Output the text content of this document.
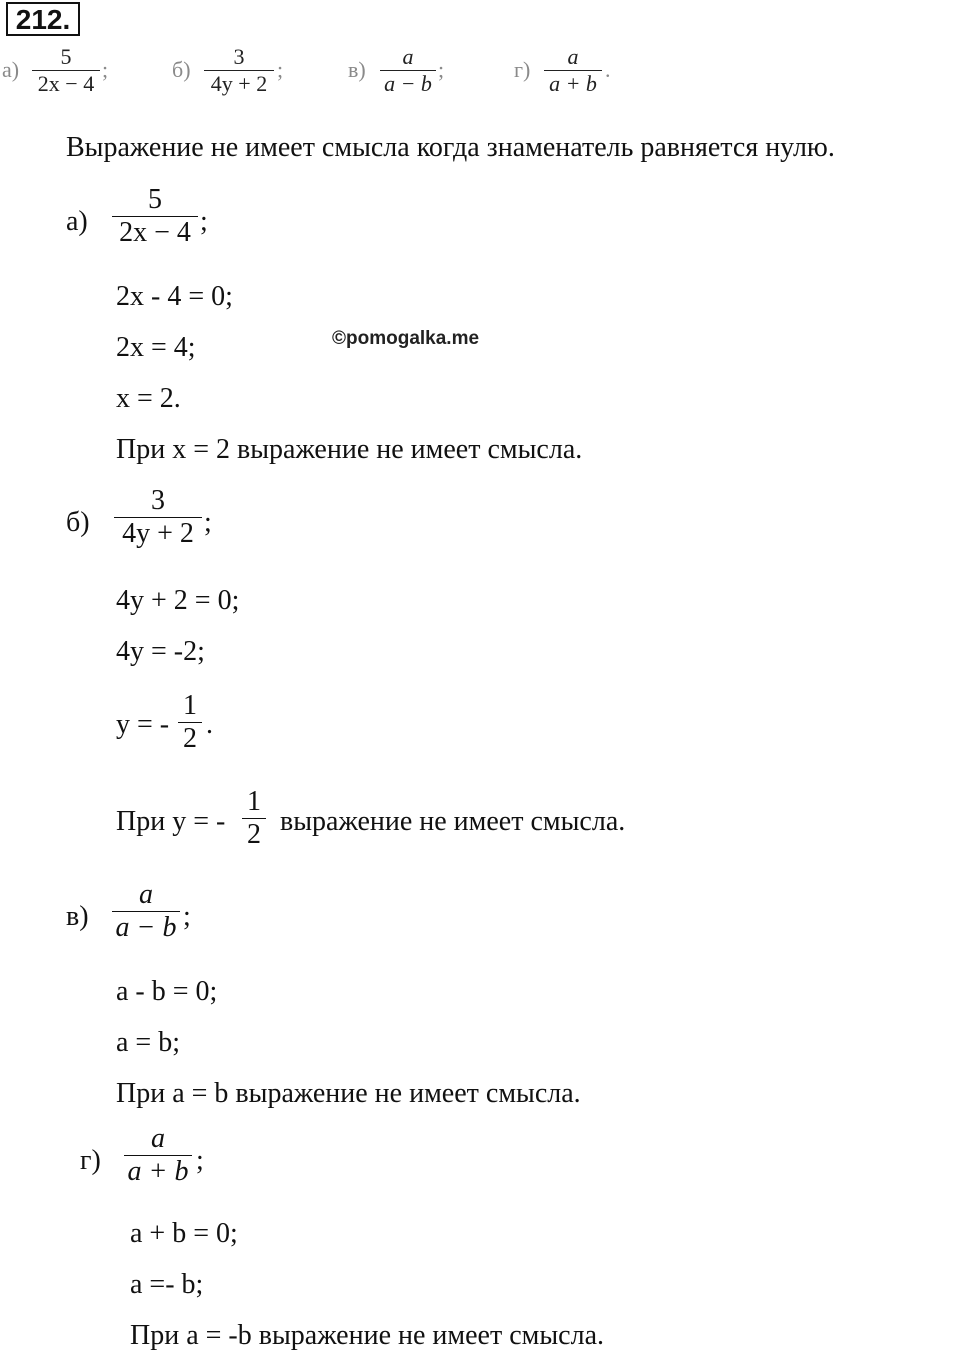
212.
а)
5
2x − 4
;	б)
3
4y + 2
;	в)
a
a − b
;	г)
a
a + b
.
Выражение не имеет смысла когда знаменатель равняется нулю.
а)
5
2x − 4 ;
2x - 4 = 0;
2x = 4;
x = 2.
При x = 2 выражение не имеет смысла.
©pomogalka.me
б)
3
4y + 2 ;
4y + 2 = 0;
4y = -2;
y = -
1
2 .
При y = -
1
2 выражение не имеет смысла.
в)
a
a − b ;
a - b = 0;
a = b;
При a = b выражение не имеет смысла.
г)
a
a + b ;
a + b = 0;
a =- b;
При a = -b выражение не имеет смысла.
